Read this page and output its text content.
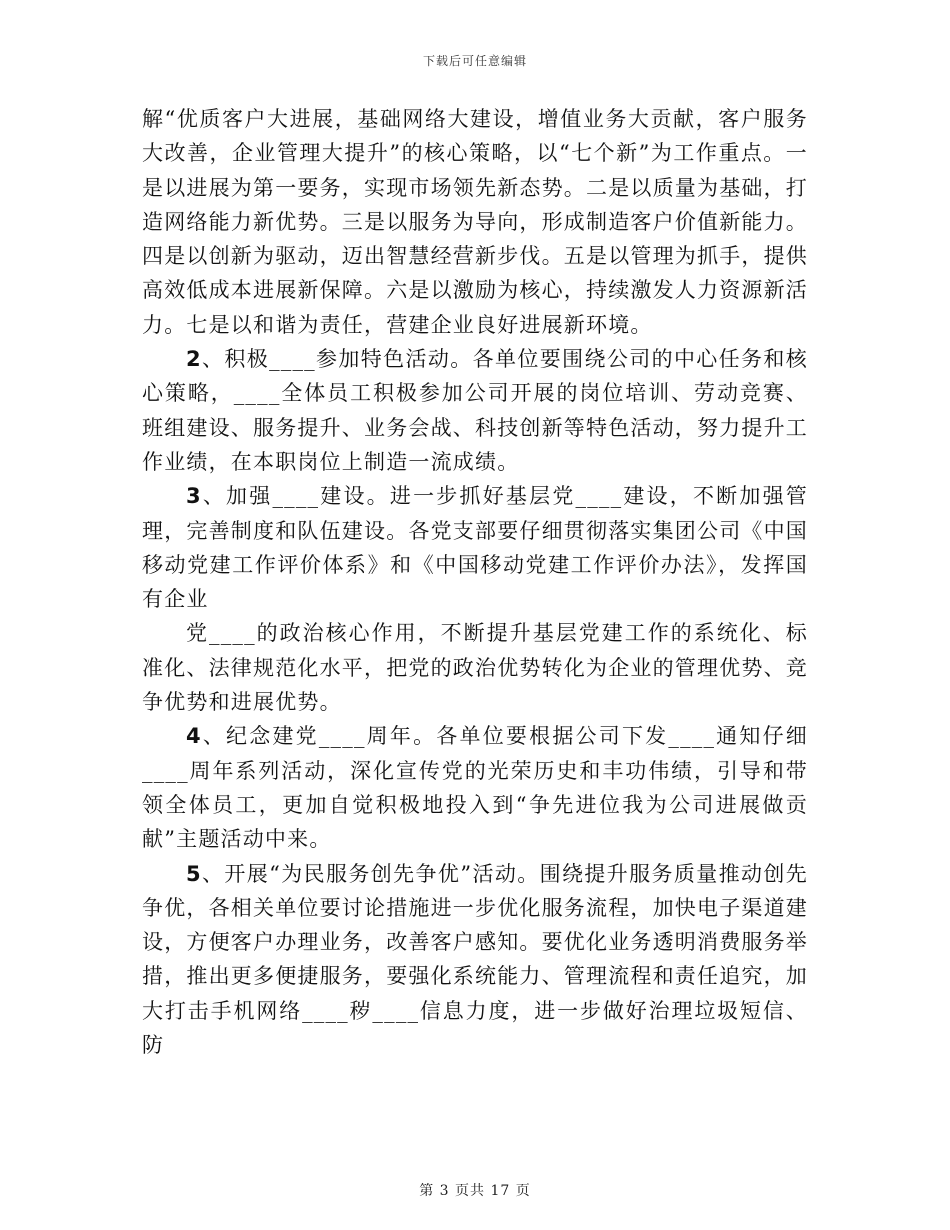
下载后可任意编辑

解“优质客户大进展，基础网络大建设，增值业务大贡献，客户服务大改善，企业管理大提升”的核心策略，以“七个新”为工作重点。一是以进展为第一要务，实现市场领先新态势。二是以质量为基础，打造网络能力新优势。三是以服务为导向，形成制造客户价值新能力。四是以创新为驱动，迈出智慧经营新步伐。五是以管理为抓手，提供高效低成本进展新保障。六是以激励为核心，持续激发人力资源新活力。七是以和谐为责任，营建企业良好进展新环境。

2、积极____参加特色活动。各单位要围绕公司的中心任务和核心策略，____全体员工积极参加公司开展的岗位培训、劳动竞赛、班组建设、服务提升、业务会战、科技创新等特色活动，努力提升工作业绩，在本职岗位上制造一流成绩。

3、加强____建设。进一步抓好基层党____建设，不断加强管理，完善制度和队伍建设。各党支部要仔细贯彻落实集团公司《中国移动党建工作评价体系》和《中国移动党建工作评价办法》，发挥国有企业

党____的政治核心作用，不断提升基层党建工作的系统化、标准化、法律规范化水平，把党的政治优势转化为企业的管理优势、竞争优势和进展优势。

4、纪念建党____周年。各单位要根据公司下发____通知仔细____周年系列活动，深化宣传党的光荣历史和丰功伟绩，引导和带领全体员工，更加自觉积极地投入到“争先进位我为公司进展做贡献”主题活动中来。

5、开展“为民服务创先争优”活动。围绕提升服务质量推动创先争优，各相关单位要讨论措施进一步优化服务流程，加快电子渠道建设，方便客户办理业务，改善客户感知。要优化业务透明消费服务举措，推出更多便捷服务，要强化系统能力、管理流程和责任追究，加大打击手机网络____秽____信息力度，进一步做好治理垃圾短信、防

第 3 页共 17 页
